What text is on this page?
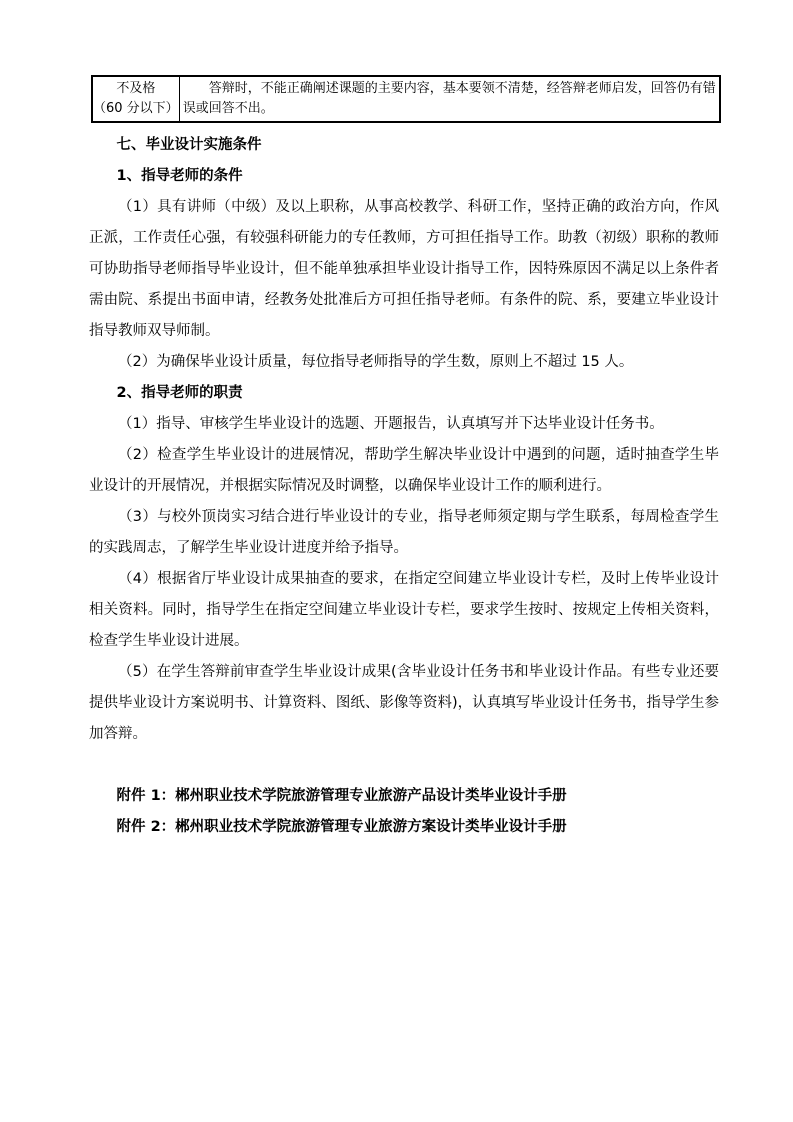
不及格
（60 分以下）
	答辩时，不能正确阐述课题的主要内容，基本要领不清楚，经答辩老师启发，回答仍有错误或回答不出。

七、毕业设计实施条件

1、指导老师的条件

（1）具有讲师（中级）及以上职称，从事高校教学、科研工作，坚持正确的政治方向，作风正派，工作责任心强，有较强科研能力的专任教师，方可担任指导工作。助教（初级）职称的教师可协助指导老师指导毕业设计，但不能单独承担毕业设计指导工作，因特殊原因不满足以上条件者需由院、系提出书面申请，经教务处批准后方可担任指导老师。有条件的院、系，要建立毕业设计指导教师双导师制。

（2）为确保毕业设计质量，每位指导老师指导的学生数，原则上不超过 15 人。

2、指导老师的职责

（1）指导、审核学生毕业设计的选题、开题报告，认真填写并下达毕业设计任务书。

（2）检查学生毕业设计的进展情况，帮助学生解决毕业设计中遇到的问题，适时抽查学生毕业设计的开展情况，并根据实际情况及时调整，以确保毕业设计工作的顺利进行。

（3）与校外顶岗实习结合进行毕业设计的专业，指导老师须定期与学生联系，每周检查学生的实践周志，了解学生毕业设计进度并给予指导。

（4）根据省厅毕业设计成果抽查的要求，在指定空间建立毕业设计专栏，及时上传毕业设计相关资料。同时，指导学生在指定空间建立毕业设计专栏，要求学生按时、按规定上传相关资料，检查学生毕业设计进展。

（5）在学生答辩前审查学生毕业设计成果(含毕业设计任务书和毕业设计作品。有些专业还要提供毕业设计方案说明书、计算资料、图纸、影像等资料)，认真填写毕业设计任务书，指导学生参加答辩。

附件 1：郴州职业技术学院旅游管理专业旅游产品设计类毕业设计手册

附件 2：郴州职业技术学院旅游管理专业旅游方案设计类毕业设计手册
